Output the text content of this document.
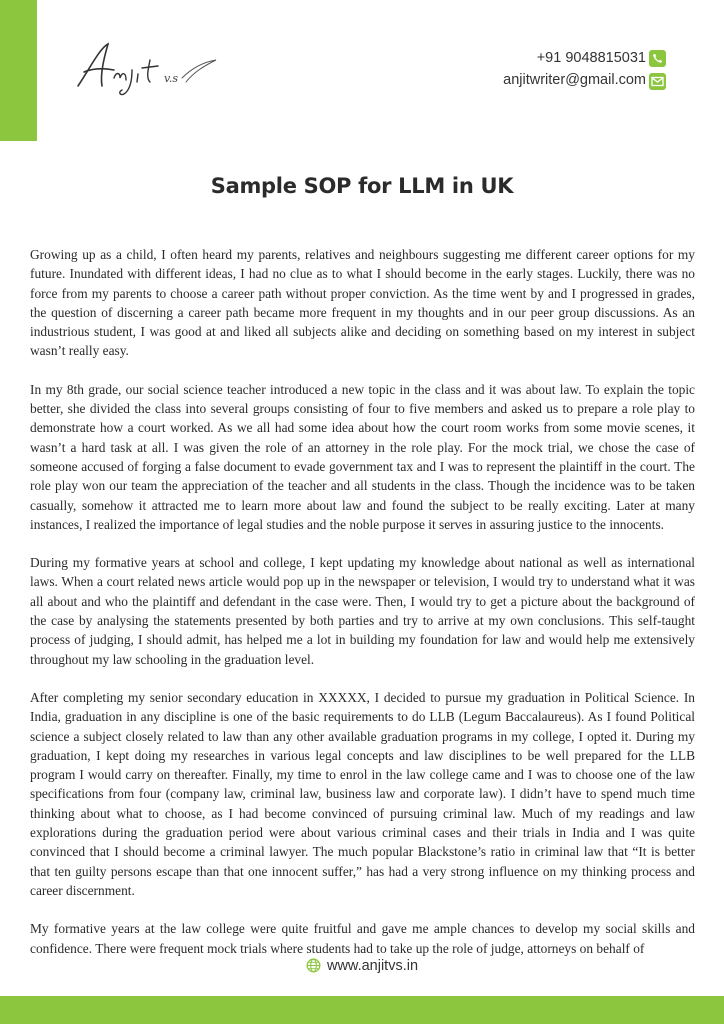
v.s
+91 9048815031
anjitwriter@gmail.com
Sample SOP for LLM in UK

Growing up as a child, I often heard my parents, relatives and neighbours suggesting me different career options for my future. Inundated with different ideas, I had no clue as to what I should become in the early stages. Luckily, there was no force from my parents to choose a career path without proper conviction. As the time went by and I progressed in grades, the question of discerning a career path became more frequent in my thoughts and in our peer group discussions. As an industrious student, I was good at and liked all subjects alike and deciding on something based on my interest in subject wasn’t really easy.

In my 8th grade, our social science teacher introduced a new topic in the class and it was about law. To explain the topic better, she divided the class into several groups consisting of four to five members and asked us to prepare a role play to demonstrate how a court worked. As we all had some idea about how the court room works from some movie scenes, it wasn’t a hard task at all. I was given the role of an attorney in the role play. For the mock trial, we chose the case of someone accused of forging a false document to evade government tax and I was to represent the plaintiff in the court. The role play won our team the appreciation of the teacher and all students in the class. Though the incidence was to be taken casually, somehow it attracted me to learn more about law and found the subject to be really exciting. Later at many instances, I realized the importance of legal studies and the noble purpose it serves in assuring justice to the innocents.

During my formative years at school and college, I kept updating my knowledge about national as well as international laws. When a court related news article would pop up in the newspaper or television, I would try to understand what it was all about and who the plaintiff and defendant in the case were. Then, I would try to get a picture about the background of the case by analysing the statements presented by both parties and try to arrive at my own conclusions. This self-taught process of judging, I should admit, has helped me a lot in building my foundation for law and would help me extensively throughout my law schooling in the graduation level.

After completing my senior secondary education in XXXXX, I decided to pursue my graduation in Political Science. In India, graduation in any discipline is one of the basic requirements to do LLB (Legum Baccalaureus). As I found Political science a subject closely related to law than any other available graduation programs in my college, I opted it. During my graduation, I kept doing my researches in various legal concepts and law disciplines to be well prepared for the LLB program I would carry on thereafter. Finally, my time to enrol in the law college came and I was to choose one of the law specifications from four (company law, criminal law, business law and corporate law). I didn’t have to spend much time thinking about what to choose, as I had become convinced of pursuing criminal law. Much of my readings and law explorations during the graduation period were about various criminal cases and their trials in India and I was quite convinced that I should become a criminal lawyer. The much popular Blackstone’s ratio in criminal law that “It is better that ten guilty persons escape than that one innocent suffer,” has had a very strong influence on my thinking process and career discernment.

My formative years at the law college were quite fruitful and gave me ample chances to develop my social skills and confidence. There were frequent mock trials where students had to take up the role of judge, attorneys on behalf of

www.anjitvs.in
